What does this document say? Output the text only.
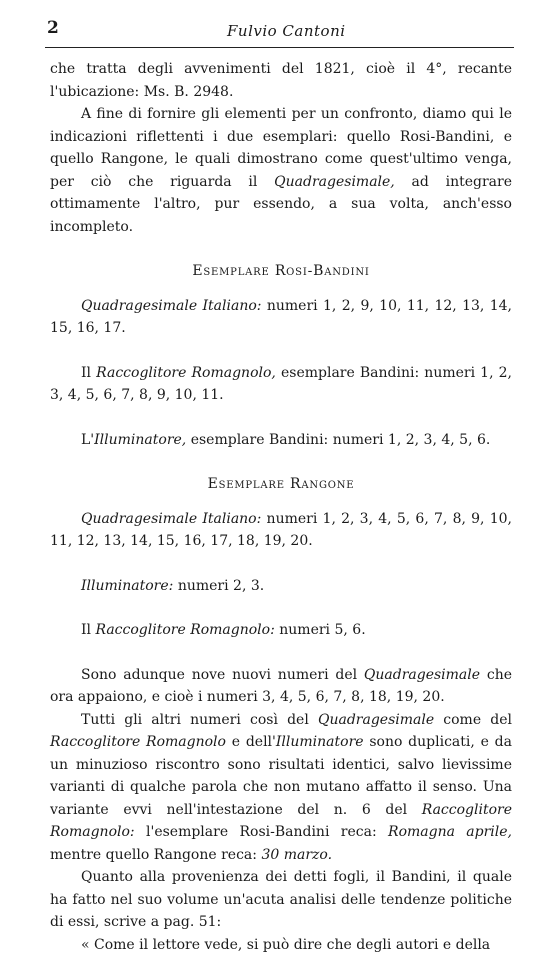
2	Fulvio Cantoni

che tratta degli avvenimenti del 1821, cioè il 4°, recante l'ubicazione: Ms. B. 2948.

A fine di fornire gli elementi per un confronto, diamo qui le indicazioni riflettenti i due esemplari: quello Rosi-Bandini, e quello Rangone, le quali dimostrano come quest'ultimo venga, per ciò che riguarda il Quadragesimale, ad integrare ottimamente l'altro, pur essendo, a sua volta, anch'esso incompleto.

Esemplare Rosi-Bandini

Quadragesimale Italiano: numeri 1, 2, 9, 10, 11, 12, 13, 14, 15, 16, 17.

Il Raccoglitore Romagnolo, esemplare Bandini: numeri 1, 2, 3, 4, 5, 6, 7, 8, 9, 10, 11.

L'Illuminatore, esemplare Bandini: numeri 1, 2, 3, 4, 5, 6.

Esemplare Rangone

Quadragesimale Italiano: numeri 1, 2, 3, 4, 5, 6, 7, 8, 9, 10, 11, 12, 13, 14, 15, 16, 17, 18, 19, 20.

Illuminatore: numeri 2, 3.

Il Raccoglitore Romagnolo: numeri 5, 6.

Sono adunque nove nuovi numeri del Quadragesimale che ora appaiono, e cioè i numeri 3, 4, 5, 6, 7, 8, 18, 19, 20.

Tutti gli altri numeri così del Quadragesimale come del Raccoglitore Romagnolo e dell'Illuminatore sono duplicati, e da un minuzioso riscontro sono risultati identici, salvo lievissime varianti di qualche parola che non mutano affatto il senso. Una variante evvi nell'intestazione del n. 6 del Raccoglitore Romagnolo: l'esemplare Rosi-Bandini reca: Romagna aprile, mentre quello Rangone reca: 30 marzo.

Quanto alla provenienza dei detti fogli, il Bandini, il quale ha fatto nel suo volume un'acuta analisi delle tendenze politiche di essi, scrive a pag. 51:

« Come il lettore vede, si può dire che degli autori e della
